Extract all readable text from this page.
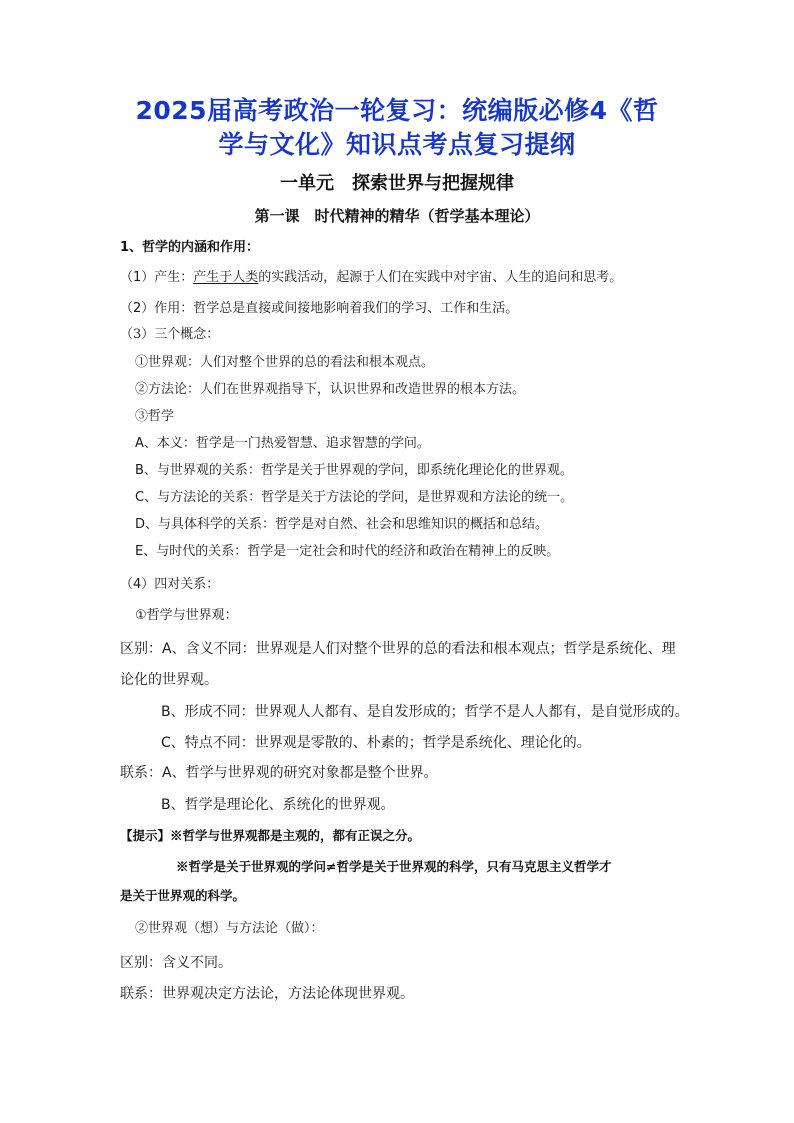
2025届高考政治一轮复习：统编版必修4《哲
学与文化》知识点考点复习提纲
一单元　探索世界与把握规律
第一课　时代精神的精华（哲学基本理论）
1、哲学的内涵和作用：
（1）产生：产生于人类的实践活动，起源于人们在实践中对宇宙、人生的追问和思考。
（2）作用：哲学总是直接或间接地影响着我们的学习、工作和生活。
（3）三个概念：
①世界观：人们对整个世界的总的看法和根本观点。
②方法论：人们在世界观指导下，认识世界和改造世界的根本方法。
③哲学
A、本义：哲学是一门热爱智慧、追求智慧的学问。
B、与世界观的关系：哲学是关于世界观的学问，即系统化理论化的世界观。
C、与方法论的关系：哲学是关于方法论的学问，是世界观和方法论的统一。
D、与具体科学的关系：哲学是对自然、社会和思维知识的概括和总结。
E、与时代的关系：哲学是一定社会和时代的经济和政治在精神上的反映。
（4）四对关系：
①哲学与世界观：
区别：A、含义不同：世界观是人们对整个世界的总的看法和根本观点；哲学是系统化、理
论化的世界观。
B、形成不同：世界观人人都有、是自发形成的；哲学不是人人都有，是自觉形成的。
C、特点不同：世界观是零散的、朴素的；哲学是系统化、理论化的。
联系：A、哲学与世界观的研究对象都是整个世界。
B、哲学是理论化、系统化的世界观。
【提示】※哲学与世界观都是主观的，都有正误之分。
※哲学是关于世界观的学问≠哲学是关于世界观的科学，只有马克思主义哲学才
是关于世界观的科学。
②世界观（想）与方法论（做）：
区别：含义不同。
联系：世界观决定方法论，方法论体现世界观。
